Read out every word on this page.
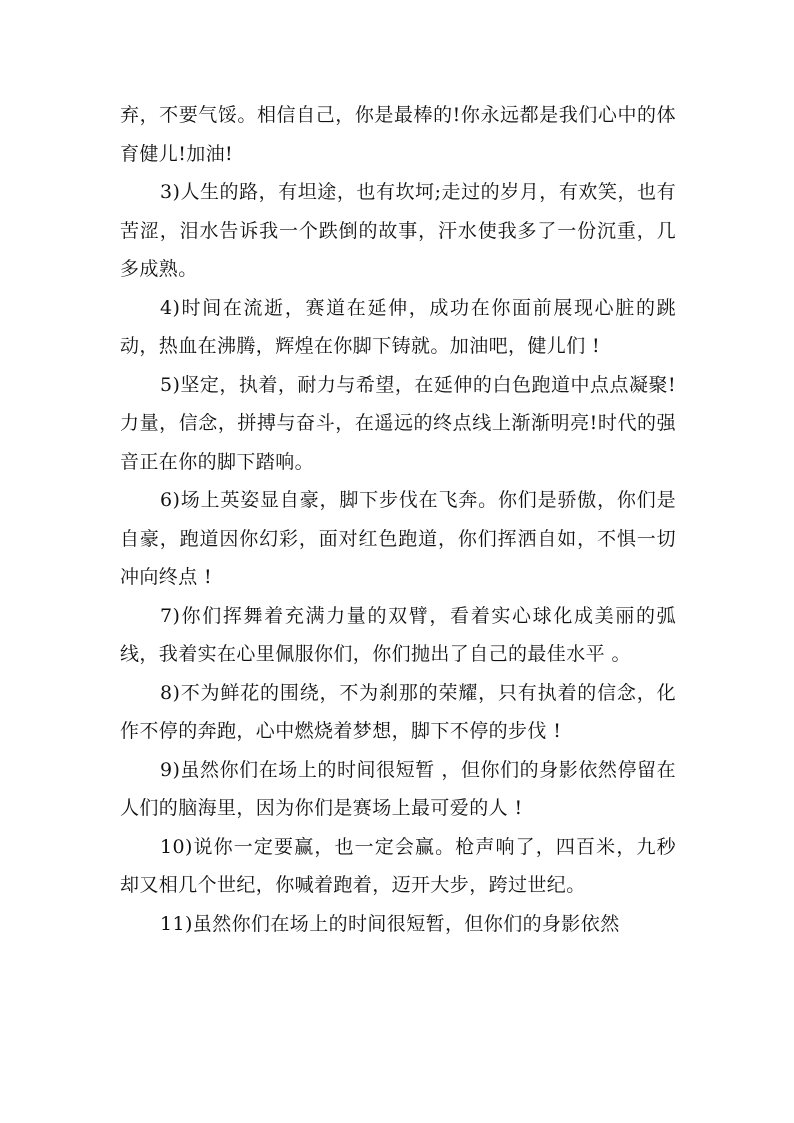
弃，不要气馁。相信自己，你是最棒的!你永远都是我们心中的体育健儿!加油!

3)人生的路，有坦途，也有坎坷;走过的岁月，有欢笑，也有苦涩，泪水告诉我一个跌倒的故事，汗水使我多了一份沉重，几多成熟。

4)时间在流逝，赛道在延伸，成功在你面前展现心脏的跳动，热血在沸腾，辉煌在你脚下铸就。加油吧，健儿们 !

5)坚定，执着，耐力与希望，在延伸的白色跑道中点点凝聚!力量，信念，拼搏与奋斗，在遥远的终点线上渐渐明亮!时代的强音正在你的脚下踏响。

6)场上英姿显自豪，脚下步伐在飞奔。你们是骄傲，你们是自豪，跑道因你幻彩，面对红色跑道，你们挥洒自如，不惧一切冲向终点 !

7)你们挥舞着充满力量的双臂，看着实心球化成美丽的弧线，我着实在心里佩服你们，你们抛出了自己的最佳水平 。

8)不为鲜花的围绕，不为刹那的荣耀，只有执着的信念，化作不停的奔跑，心中燃烧着梦想，脚下不停的步伐 !

9)虽然你们在场上的时间很短暂 ，但你们的身影依然停留在人们的脑海里，因为你们是赛场上最可爱的人 !

10)说你一定要赢，也一定会赢。枪声响了，四百米，九秒却又相几个世纪，你喊着跑着，迈开大步，跨过世纪。

11)虽然你们在场上的时间很短暂，但你们的身影依然
